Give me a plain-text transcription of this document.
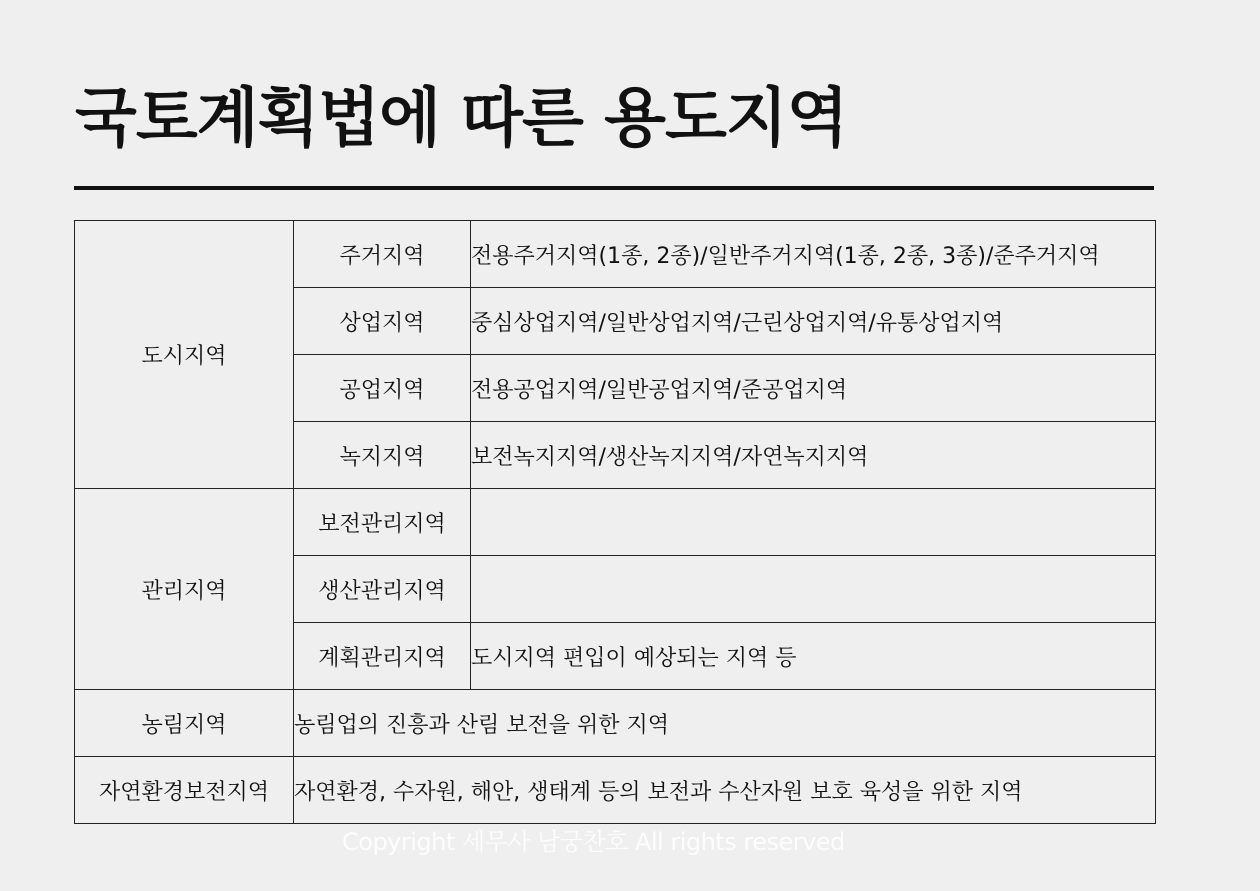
국토계획법에 따른 용도지역
도시지역	주거지역	전용주거지역(1종, 2종)/일반주거지역(1종, 2종, 3종)/준주거지역
	상업지역	중심상업지역/일반상업지역/근린상업지역/유통상업지역
	공업지역	전용공업지역/일반공업지역/준공업지역
	녹지지역	보전녹지지역/생산녹지지역/자연녹지지역
관리지역	보전관리지역	
	생산관리지역	
	계획관리지역	도시지역 편입이 예상되는 지역 등
농림지역	농림업의 진흥과 산림 보전을 위한 지역	
자연환경보전지역	자연환경, 수자원, 해안, 생태계 등의 보전과 수산자원 보호 육성을 위한 지역	
Copyright 세무사 남궁찬호 All rights reserved
